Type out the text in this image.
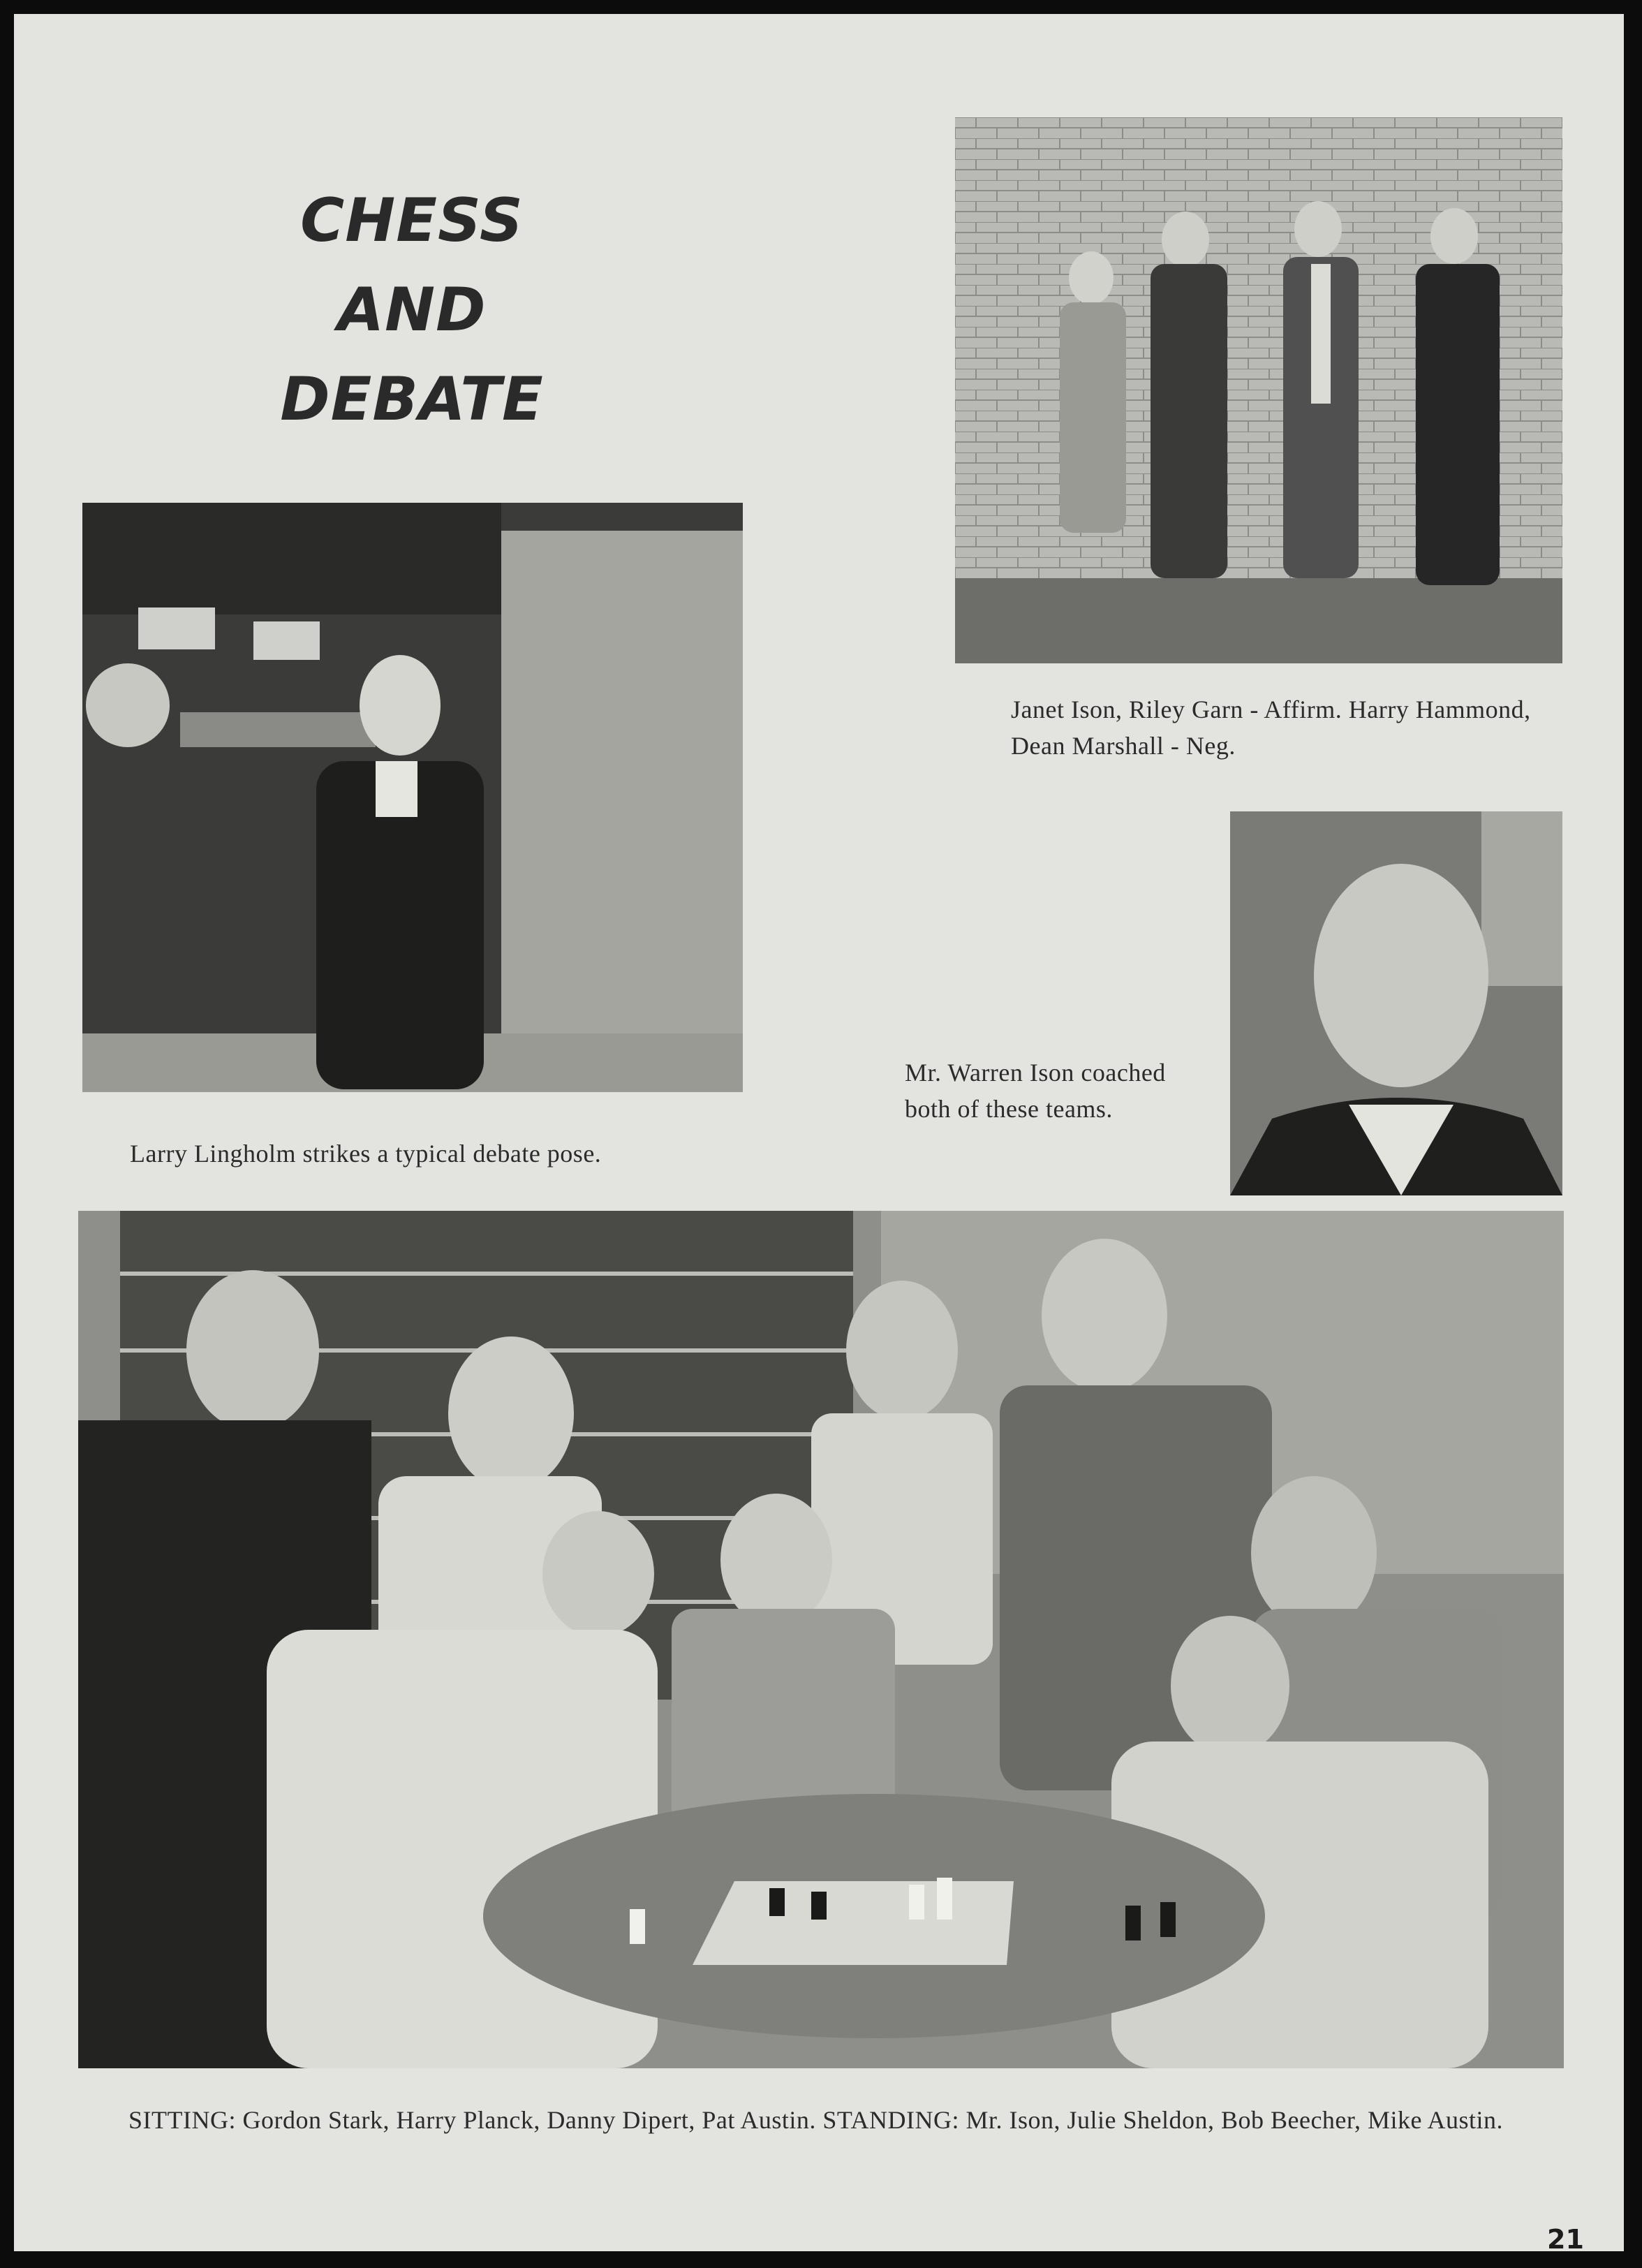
CHESS AND
DEBATE
Janet Ison, Riley Garn - Affirm. Harry Hammond, Dean Marshall - Neg.
Larry Lingholm strikes a typical debate pose.
Mr. Warren Ison coached both of these teams.
SITTING: Gordon Stark, Harry Planck, Danny Dipert, Pat Austin. STANDING: Mr. Ison, Julie Sheldon, Bob Beecher, Mike Austin.
21
